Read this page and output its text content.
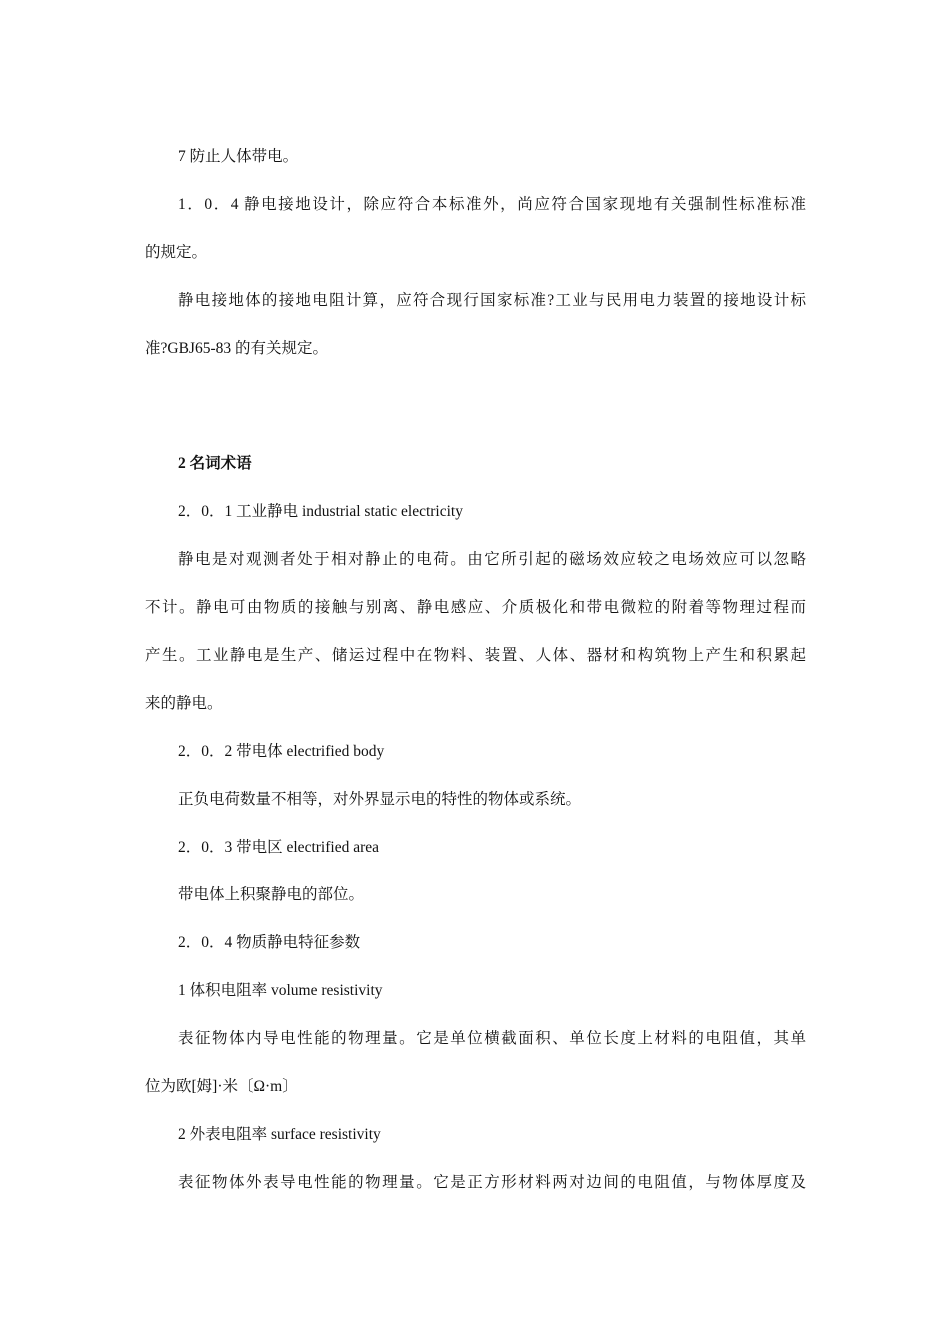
7 防止人体带电。
1．0．4 静电接地设计，除应符合本标准外，尚应符合国家现地有关强制性标准标准
的规定。
静电接地体的接地电阻计算，应符合现行国家标准?工业与民用电力装置的接地设计标
准?GBJ65-83 的有关规定。
2 名词术语
2．0．1 工业静电 industrial static electricity
静电是对观测者处于相对静止的电荷。由它所引起的磁场效应较之电场效应可以忽略
不计。静电可由物质的接触与别离、静电感应、介质极化和带电微粒的附着等物理过程而
产生。工业静电是生产、储运过程中在物料、装置、人体、器材和构筑物上产生和积累起
来的静电。
2．0．2 带电体 electrified body
正负电荷数量不相等，对外界显示电的特性的物体或系统。
2．0．3 带电区 electrified area
带电体上积聚静电的部位。
2．0．4 物质静电特征参数
1 体积电阻率 volume resistivity
表征物体内导电性能的物理量。它是单位横截面积、单位长度上材料的电阻值，其单
位为欧[姆]·米〔Ω·m〕
2 外表电阻率 surface resistivity
表征物体外表导电性能的物理量。它是正方形材料两对边间的电阻值，与物体厚度及
